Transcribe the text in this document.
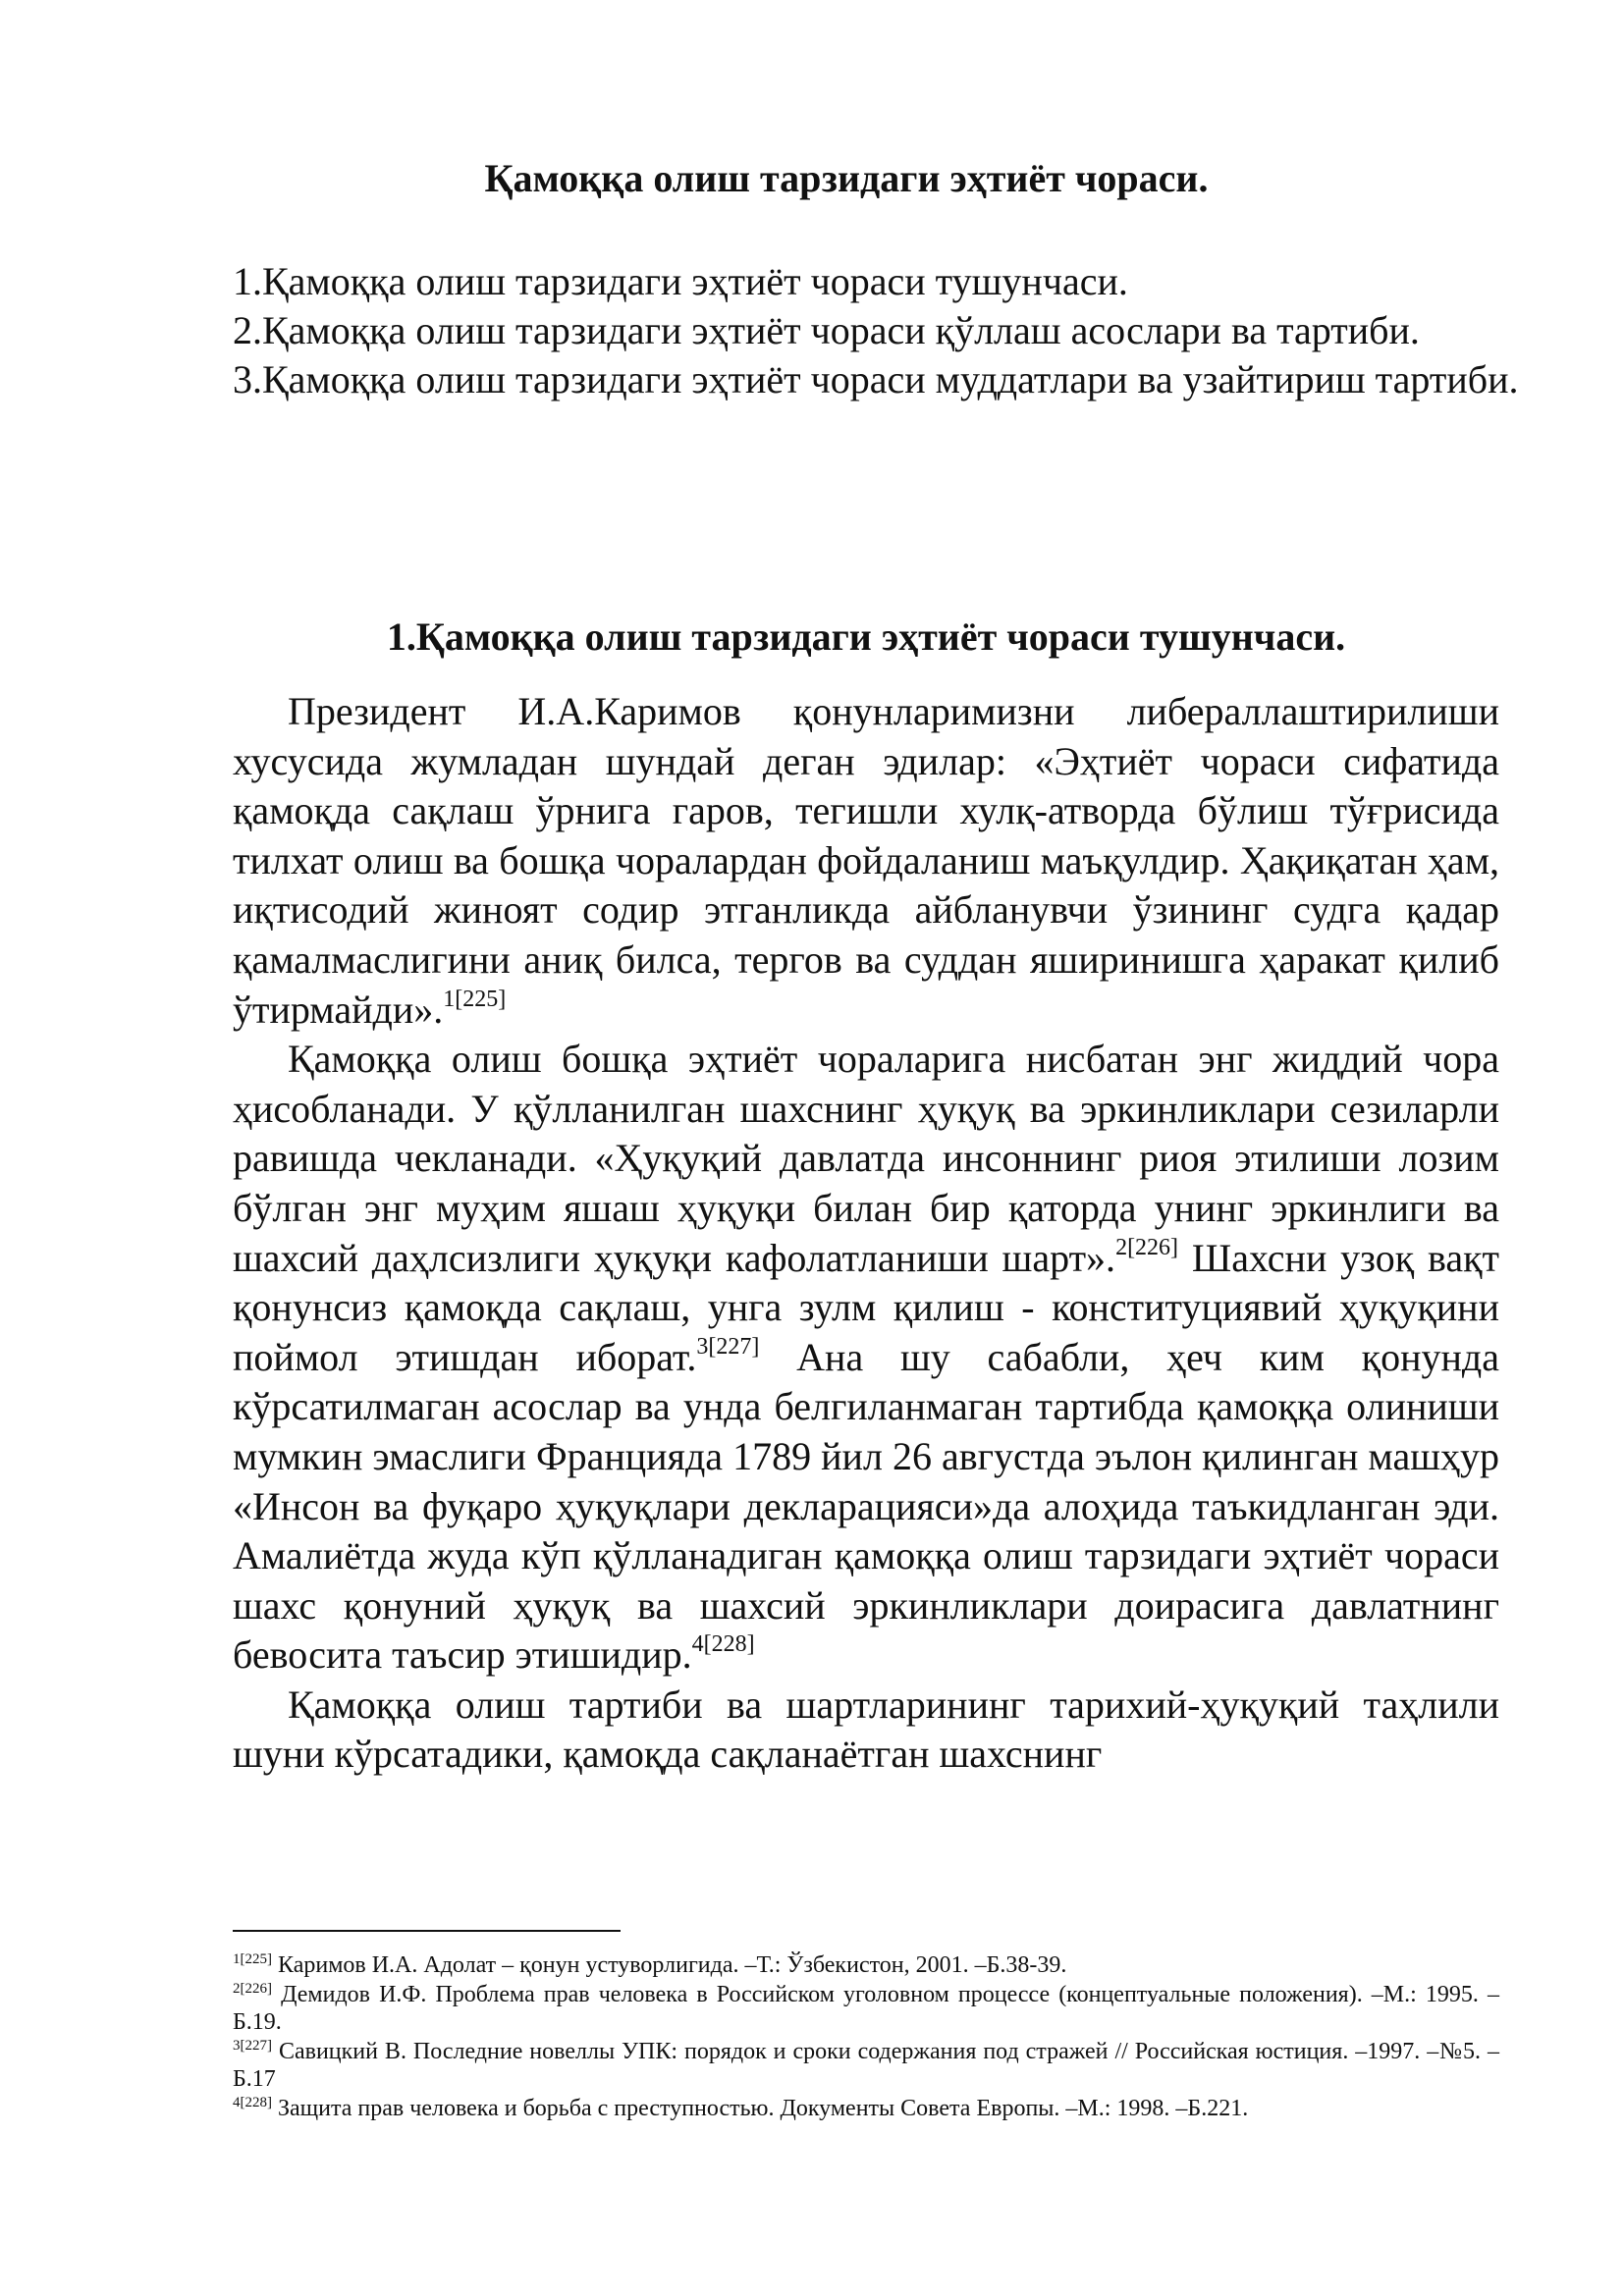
Қамоққа олиш тарзидаги эҳтиёт чораси.
1.Қамоққа олиш тарзидаги эҳтиёт чораси тушунчаси.
2.Қамоққа олиш тарзидаги эҳтиёт чораси қўллаш асослари ва тартиби.
3.Қамоққа олиш тарзидаги эҳтиёт чораси муддатлари ва узайтириш тартиби.
1.Қамоққа олиш тарзидаги эҳтиёт чораси тушунчаси.

Президент И.А.Каримов қонунларимизни либераллаштирилиши хусусида жумладан шундай деган эдилар: «Эҳтиёт чораси сифатида қамоқда сақлаш ўрнига гаров, тегишли хулқ-атворда бўлиш тўғрисида тилхат олиш ва бошқа чоралардан фойдаланиш маъқулдир. Ҳақиқатан ҳам, иқтисодий жиноят содир этганликда айбланувчи ўзининг судга қадар қамалмаслигини аниқ билса, тергов ва суддан яширинишга ҳаракат қилиб ўтирмайди».$^{1[225]}$

Қамоққа олиш бошқа эҳтиёт чораларига нисбатан энг жиддий чора ҳисобланади. У қўлланилган шахснинг ҳуқуқ ва эркинликлари сезиларли равишда чекланади. «Ҳуқуқий давлатда инсоннинг риоя этилиши лозим бўлган энг муҳим яшаш ҳуқуқи билан бир қаторда унинг эркинлиги ва шахсий даҳлсизлиги ҳуқуқи кафолатланиши шарт».$^{2[226]}$ Шахсни узоқ вақт қонунсиз қамоқда сақлаш, унга зулм қилиш - конституциявий ҳуқуқини поймол этишдан иборат.$^{3[227]}$ Ана шу сабабли, ҳеч ким қонунда кўрсатилмаган асослар ва унда белгиланмаган тартибда қамоққа олиниши мумкин эмаслиги Францияда 1789 йил 26 августда эълон қилинган машҳур «Инсон ва фуқаро ҳуқуқлари декларацияси»да алоҳида таъкидланган эди. Амалиётда жуда кўп қўлланадиган қамоққа олиш тарзидаги эҳтиёт чораси шахс қонуний ҳуқуқ ва шахсий эркинликлари доирасига давлатнинг бевосита таъсир этишидир.$^{4[228]}$

Қамоққа олиш тартиби ва шартларининг тарихий-ҳуқуқий таҳлили шуни кўрсатадики, қамоқда сақланаётган шахснинг

$^{1[225]}$ Каримов И.А. Адолат – қонун устуворлигида. –Т.: Ўзбекистон, 2001. –Б.38-39.

$^{2[226]}$ Демидов И.Ф. Проблема прав человека в Российском уголовном процессе (концептуальные положения). –М.: 1995. –Б.19.

$^{3[227]}$ Савицкий В. Последние новеллы УПК: порядок и сроки содержания под стражей // Российская юстиция. –1997. –№5. –Б.17

$^{4[228]}$ Защита прав человека и борьба с преступностью. Документы Совета Европы. –М.: 1998. –Б.221.
